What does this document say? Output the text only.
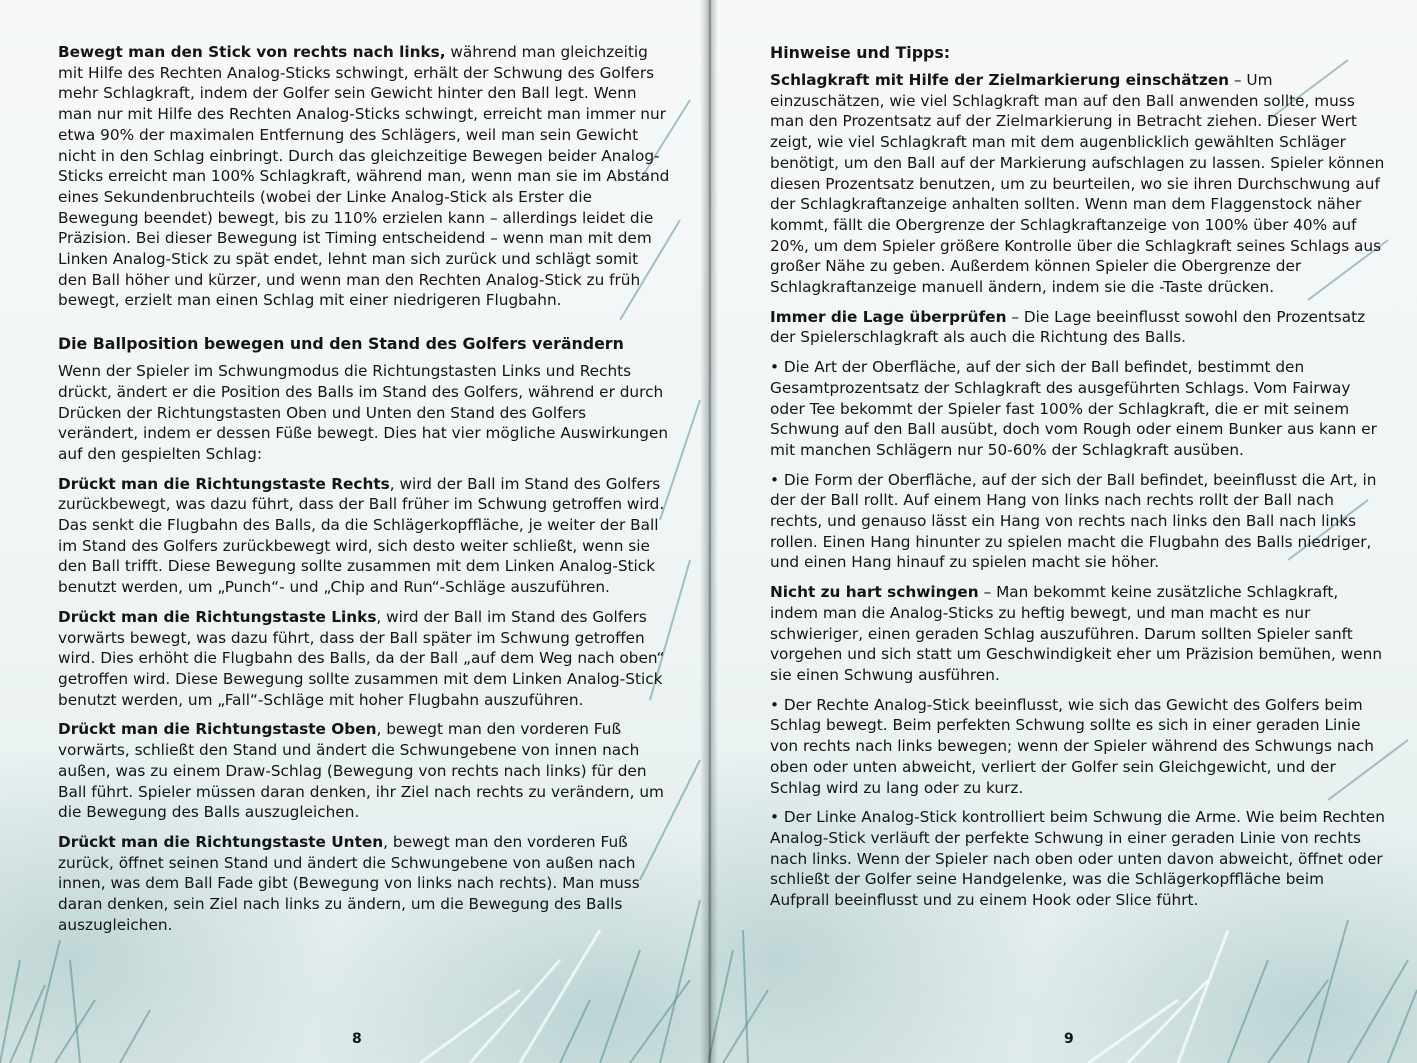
Bewegt man den Stick von rechts nach links, während man gleichzeitig mit Hilfe des Rechten Analog-Sticks schwingt, erhält der Schwung des Golfers mehr Schlagkraft, indem der Golfer sein Gewicht hinter den Ball legt. Wenn man nur mit Hilfe des Rechten Analog-Sticks schwingt, erreicht man immer nur etwa 90% der maximalen Entfernung des Schlägers, weil man sein Gewicht nicht in den Schlag einbringt. Durch das gleichzeitige Bewegen beider Analog-Sticks erreicht man 100% Schlagkraft, während man, wenn man sie im Abstand eines Sekundenbruchteils (wobei der Linke Analog-Stick als Erster die Bewegung beendet) bewegt, bis zu 110% erzielen kann – allerdings leidet die Präzision. Bei dieser Bewegung ist Timing entscheidend – wenn man mit dem Linken Analog-Stick zu spät endet, lehnt man sich zurück und schlägt somit den Ball höher und kürzer, und wenn man den Rechten Analog-Stick zu früh bewegt, erzielt man einen Schlag mit einer niedrigeren Flugbahn.

Die Ballposition bewegen und den Stand des Golfers verändern

Wenn der Spieler im Schwungmodus die Richtungstasten Links und Rechts drückt, ändert er die Position des Balls im Stand des Golfers, während er durch Drücken der Richtungstasten Oben und Unten den Stand des Golfers verändert, indem er dessen Füße bewegt. Dies hat vier mögliche Auswirkungen auf den gespielten Schlag:

Drückt man die Richtungstaste Rechts, wird der Ball im Stand des Golfers zurückbewegt, was dazu führt, dass der Ball früher im Schwung getroffen wird. Das senkt die Flugbahn des Balls, da die Schlägerkopffläche, je weiter der Ball im Stand des Golfers zurückbewegt wird, sich desto weiter schließt, wenn sie den Ball trifft. Diese Bewegung sollte zusammen mit dem Linken Analog-Stick benutzt werden, um „Punch“- und „Chip and Run“-Schläge auszuführen.

Drückt man die Richtungstaste Links, wird der Ball im Stand des Golfers vorwärts bewegt, was dazu führt, dass der Ball später im Schwung getroffen wird. Dies erhöht die Flugbahn des Balls, da der Ball „auf dem Weg nach oben“ getroffen wird. Diese Bewegung sollte zusammen mit dem Linken Analog-Stick benutzt werden, um „Fall“-Schläge mit hoher Flugbahn auszuführen.

Drückt man die Richtungstaste Oben, bewegt man den vorderen Fuß vorwärts, schließt den Stand und ändert die Schwungebene von innen nach außen, was zu einem Draw-Schlag (Bewegung von rechts nach links) für den Ball führt. Spieler müssen daran denken, ihr Ziel nach rechts zu verändern, um die Bewegung des Balls auszugleichen.

Drückt man die Richtungstaste Unten, bewegt man den vorderen Fuß zurück, öffnet seinen Stand und ändert die Schwungebene von außen nach innen, was dem Ball Fade gibt (Bewegung von links nach rechts). Man muss daran denken, sein Ziel nach links zu ändern, um die Bewegung des Balls auszugleichen.

8
Hinweise und Tipps:

Schlagkraft mit Hilfe der Zielmarkierung einschätzen – Um einzuschätzen, wie viel Schlagkraft man auf den Ball anwenden sollte, muss man den Prozentsatz auf der Zielmarkierung in Betracht ziehen. Dieser Wert zeigt, wie viel Schlagkraft man mit dem augenblicklich gewählten Schläger benötigt, um den Ball auf der Markierung aufschlagen zu lassen. Spieler können diesen Prozentsatz benutzen, um zu beurteilen, wo sie ihren Durchschwung auf der Schlagkraftanzeige anhalten sollten. Wenn man dem Flaggenstock näher kommt, fällt die Obergrenze der Schlagkraftanzeige von 100% über 40% auf 20%, um dem Spieler größere Kontrolle über die Schlagkraft seines Schlags aus großer Nähe zu geben. Außerdem können Spieler die Obergrenze der Schlagkraftanzeige manuell ändern, indem sie die -Taste drücken.

Immer die Lage überprüfen – Die Lage beeinflusst sowohl den Prozentsatz der Spielerschlagkraft als auch die Richtung des Balls.

• Die Art der Oberfläche, auf der sich der Ball befindet, bestimmt den Gesamtprozentsatz der Schlagkraft des ausgeführten Schlags. Vom Fairway oder Tee bekommt der Spieler fast 100% der Schlagkraft, die er mit seinem Schwung auf den Ball ausübt, doch vom Rough oder einem Bunker aus kann er mit manchen Schlägern nur 50-60% der Schlagkraft ausüben.

• Die Form der Oberfläche, auf der sich der Ball befindet, beeinflusst die Art, in der der Ball rollt. Auf einem Hang von links nach rechts rollt der Ball nach rechts, und genauso lässt ein Hang von rechts nach links den Ball nach links rollen. Einen Hang hinunter zu spielen macht die Flugbahn des Balls niedriger, und einen Hang hinauf zu spielen macht sie höher.

Nicht zu hart schwingen – Man bekommt keine zusätzliche Schlagkraft, indem man die Analog-Sticks zu heftig bewegt, und man macht es nur schwieriger, einen geraden Schlag auszuführen. Darum sollten Spieler sanft vorgehen und sich statt um Geschwindigkeit eher um Präzision bemühen, wenn sie einen Schwung ausführen.

• Der Rechte Analog-Stick beeinflusst, wie sich das Gewicht des Golfers beim Schlag bewegt. Beim perfekten Schwung sollte es sich in einer geraden Linie von rechts nach links bewegen; wenn der Spieler während des Schwungs nach oben oder unten abweicht, verliert der Golfer sein Gleichgewicht, und der Schlag wird zu lang oder zu kurz.

• Der Linke Analog-Stick kontrolliert beim Schwung die Arme. Wie beim Rechten Analog-Stick verläuft der perfekte Schwung in einer geraden Linie von rechts nach links. Wenn der Spieler nach oben oder unten davon abweicht, öffnet oder schließt der Golfer seine Handgelenke, was die Schlägerkopffläche beim Aufprall beeinflusst und zu einem Hook oder Slice führt.

9
